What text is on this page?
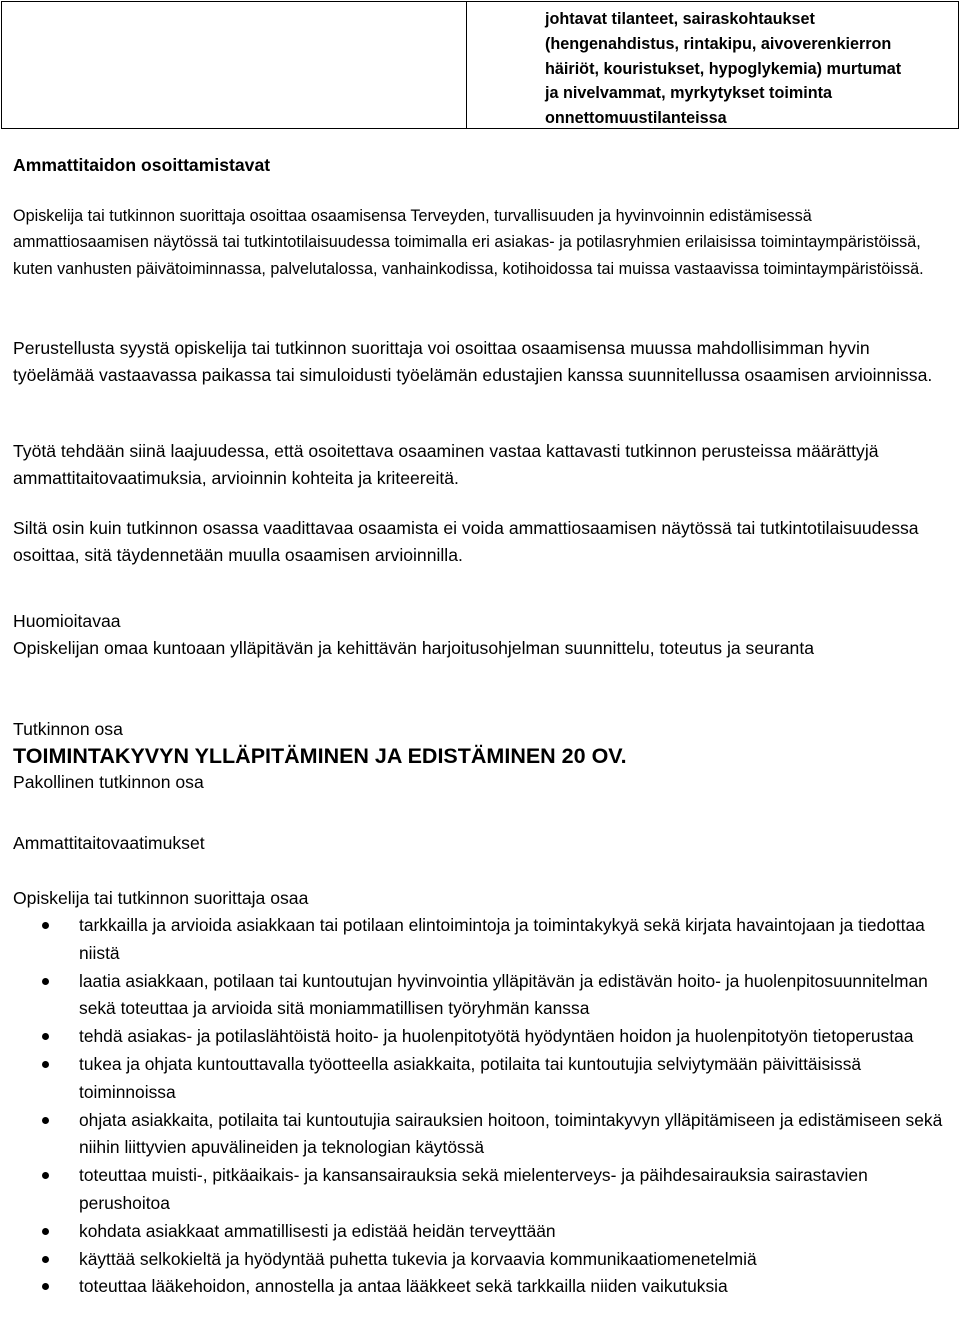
johtavat tilanteet, sairaskohtaukset
(hengenahdistus, rintakipu, aivoverenkierron
häiriöt, kouristukset, hypoglykemia) murtumat
ja nivelvammat, myrkytykset toiminta
onnettomuustilanteissa
Ammattitaidon osoittamistavat
Opiskelija tai tutkinnon suorittaja osoittaa osaamisensa Terveyden, turvallisuuden ja hyvinvoinnin edistämisessä ammattiosaamisen näytössä tai tutkintotilaisuudessa toimimalla eri asiakas- ja potilasryhmien erilaisissa toimintaympäristöissä, kuten vanhusten päivätoiminnassa, palvelutalossa, vanhainkodissa, kotihoidossa tai muissa vastaavissa toimintaympäristöissä.
Perustellusta syystä opiskelija tai tutkinnon suorittaja voi osoittaa osaamisensa muussa mahdollisimman hyvin työelämää vastaavassa paikassa tai simuloidusti työelämän edustajien kanssa suunnitellussa osaamisen arvioinnissa.
Työtä tehdään siinä laajuudessa, että osoitettava osaaminen vastaa kattavasti tutkinnon perusteissa määrättyjä ammattitaitovaatimuksia, arvioinnin kohteita ja kriteereitä.
Siltä osin kuin tutkinnon osassa vaadittavaa osaamista ei voida ammattiosaamisen näytössä tai tutkintotilaisuudessa osoittaa, sitä täydennetään muulla osaamisen arvioinnilla.
Huomioitavaa
Opiskelijan omaa kuntoaan ylläpitävän ja kehittävän harjoitusohjelman suunnittelu, toteutus ja seuranta
Tutkinnon osa
TOIMINTAKYVYN YLLÄPITÄMINEN JA EDISTÄMINEN 20 OV.
Pakollinen tutkinnon osa
Ammattitaitovaatimukset
Opiskelija tai tutkinnon suorittaja osaa
tarkkailla ja arvioida asiakkaan tai potilaan elintoimintoja ja toimintakykyä sekä kirjata havaintojaan ja tiedottaa niistä
laatia asiakkaan, potilaan tai kuntoutujan hyvinvointia ylläpitävän ja edistävän hoito- ja huolenpitosuunnitelman sekä toteuttaa ja arvioida sitä moniammatillisen työryhmän kanssa
tehdä asiakas- ja potilaslähtöistä hoito- ja huolenpitotyötä hyödyntäen hoidon ja huolenpitotyön tietoperustaa
tukea ja ohjata kuntouttavalla työotteella asiakkaita, potilaita tai kuntoutujia selviytymään päivittäisissä toiminnoissa
ohjata asiakkaita, potilaita tai kuntoutujia sairauksien hoitoon, toimintakyvyn ylläpitämiseen ja edistämiseen sekä niihin liittyvien apuvälineiden ja teknologian käytössä
toteuttaa muisti-, pitkäaikais- ja kansansairauksia sekä mielenterveys- ja päihdesairauksia sairastavien perushoitoa
kohdata asiakkaat ammatillisesti ja edistää heidän terveyttään
käyttää selkokieltä ja hyödyntää puhetta tukevia ja korvaavia kommunikaatiomenetelmiä
toteuttaa lääkehoidon, annostella ja antaa lääkkeet sekä tarkkailla niiden vaikutuksia
